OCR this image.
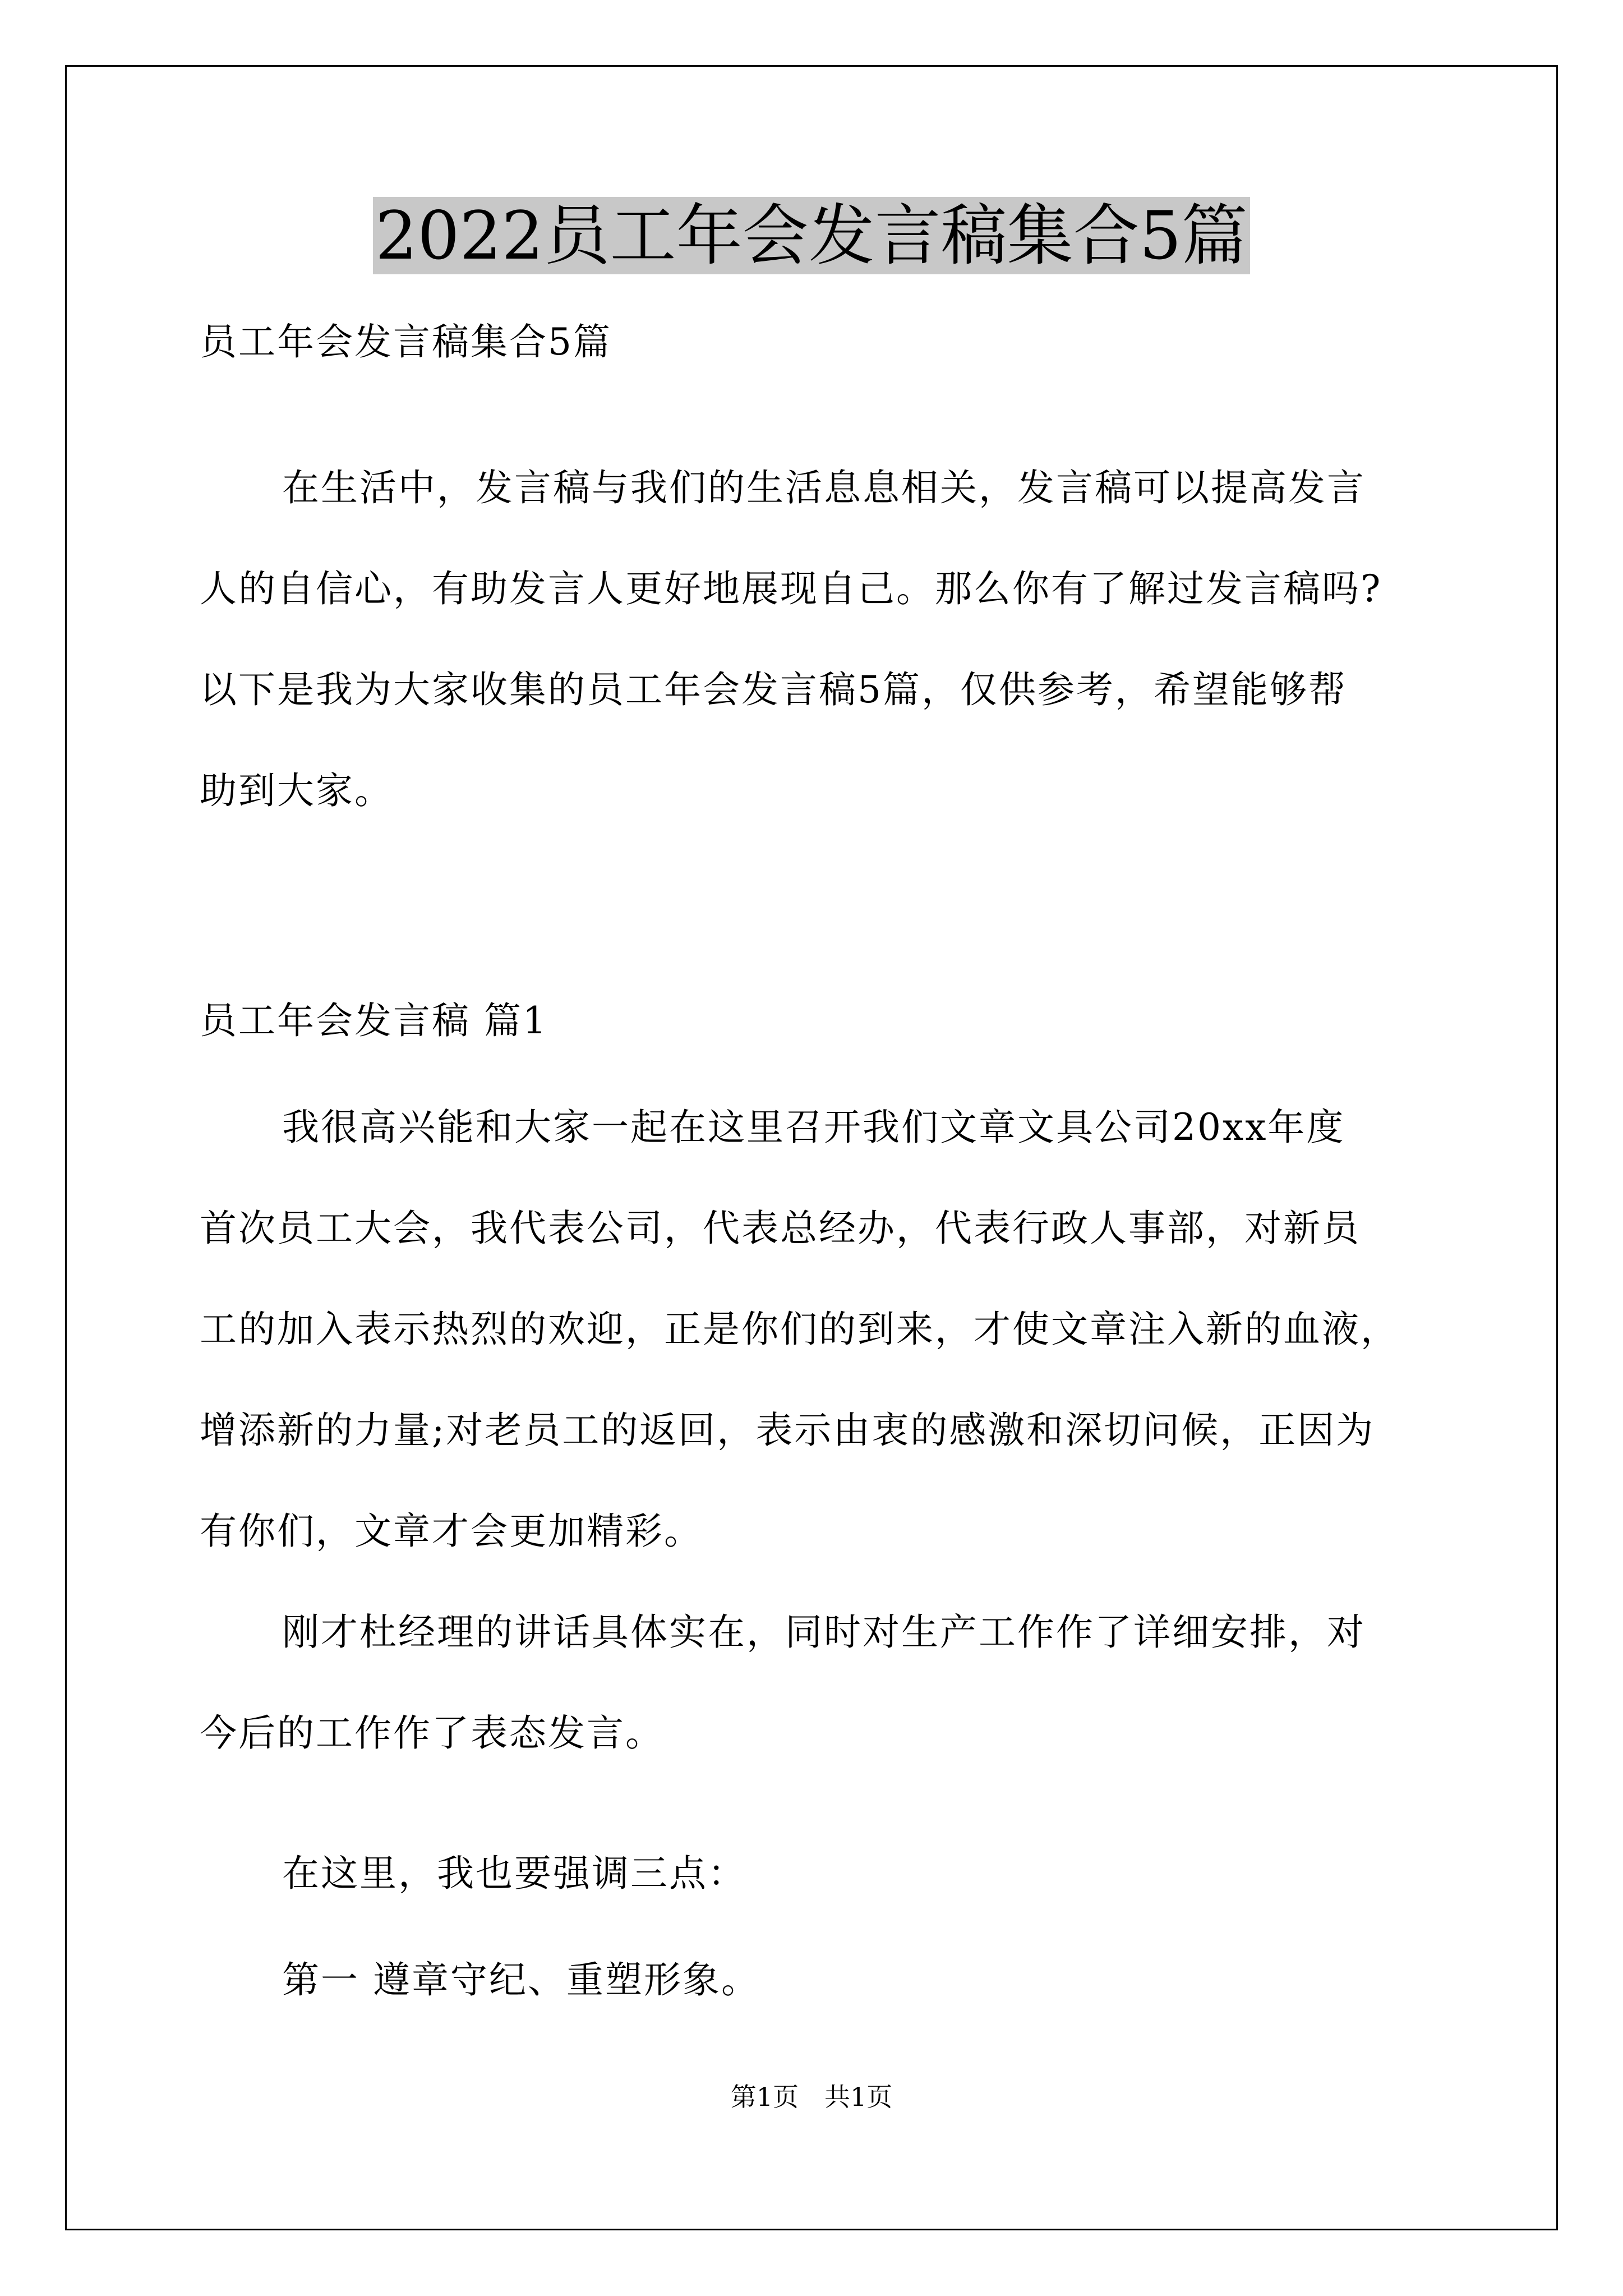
2022员工年会发言稿集合5篇
员工年会发言稿集合5篇
在生活中，发言稿与我们的生活息息相关，发言稿可以提高发言
人的自信心，有助发言人更好地展现自己。那么你有了解过发言稿吗?
以下是我为大家收集的员工年会发言稿5篇，仅供参考，希望能够帮
助到大家。
员工年会发言稿 篇1
我很高兴能和大家一起在这里召开我们文章文具公司20xx年度
首次员工大会，我代表公司，代表总经办，代表行政人事部，对新员
工的加入表示热烈的欢迎，正是你们的到来，才使文章注入新的血液，
增添新的力量;对老员工的返回，表示由衷的感激和深切问候，正因为
有你们，文章才会更加精彩。
刚才杜经理的讲话具体实在，同时对生产工作作了详细安排，对
今后的工作作了表态发言。
在这里，我也要强调三点：
第一 遵章守纪、重塑形象。
第1页　共1页
